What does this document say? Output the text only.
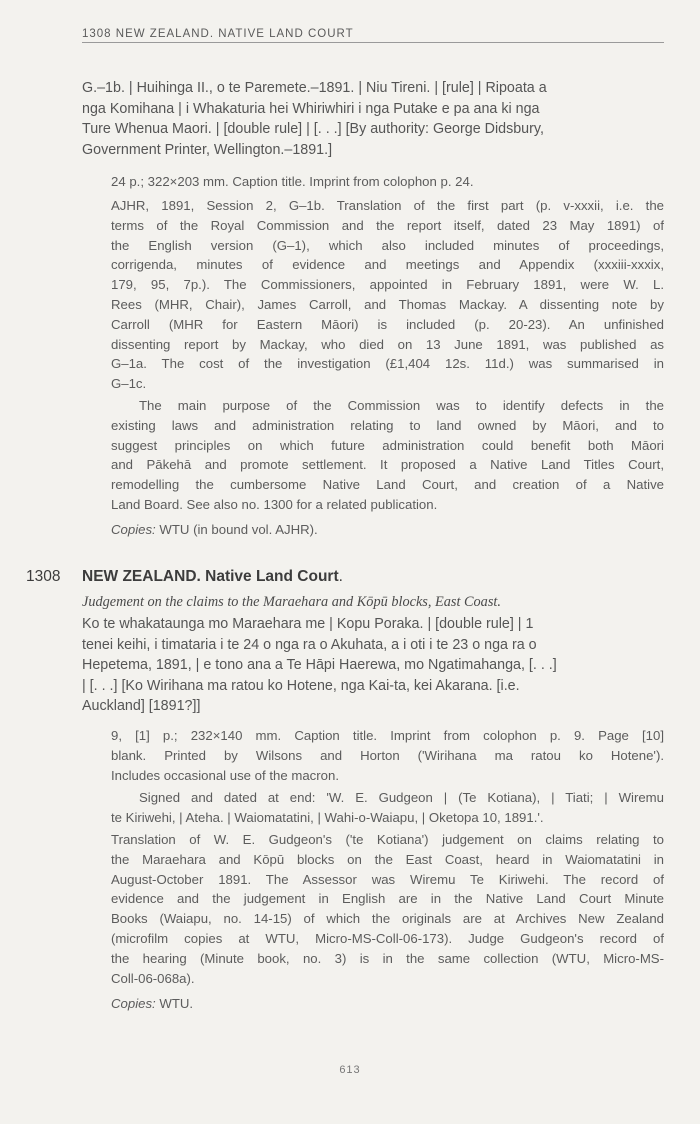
1308 NEW ZEALAND. NATIVE LAND COURT
G.–1b. | Huihinga II., o te Paremete.–1891. | Niu Tireni. | [rule] | Ripoata a
nga Komihana | i Whakaturia hei Whiriwhiri i nga Putake e pa ana ki nga
Ture Whenua Maori. | [double rule] | [. . .] [By authority: George Didsbury,
Government Printer, Wellington.–1891.]
24 p.; 322×203 mm. Caption title. Imprint from colophon p. 24.
AJHR, 1891, Session 2, G–1b. Translation of the first part (p. v-xxxii, i.e. the
terms of the Royal Commission and the report itself, dated 23 May 1891) of
the English version (G–1), which also included minutes of proceedings,
corrigenda, minutes of evidence and meetings and Appendix (xxxiii-xxxix,
179, 95, 7p.). The Commissioners, appointed in February 1891, were W. L.
Rees (MHR, Chair), James Carroll, and Thomas Mackay. A dissenting note by
Carroll (MHR for Eastern Māori) is included (p. 20-23). An unfinished
dissenting report by Mackay, who died on 13 June 1891, was published as
G–1a. The cost of the investigation (£1,404 12s. 11d.) was summarised in
G–1c.
The main purpose of the Commission was to identify defects in the
existing laws and administration relating to land owned by Māori, and to
suggest principles on which future administration could benefit both Māori
and Pākehā and promote settlement. It proposed a Native Land Titles Court,
remodelling the cumbersome Native Land Court, and creation of a Native
Land Board. See also no. 1300 for a related publication.
Copies: WTU (in bound vol. AJHR).
1308 NEW ZEALAND. Native Land Court.
Judgement on the claims to the Maraehara and Kōpū blocks, East Coast.
Ko te whakataunga mo Maraehara me | Kopu Poraka. | [double rule] | 1
tenei keihi, i timataria i te 24 o nga ra o Akuhata, a i oti i te 23 o nga ra o
Hepetema, 1891, | e tono ana a Te Hāpi Haerewa, mo Ngatimahanga, [. . .]
| [. . .] [Ko Wirihana ma ratou ko Hotene, nga Kai-ta, kei Akarana. [i.e.
Auckland] [1891?]]
9, [1] p.; 232×140 mm. Caption title. Imprint from colophon p. 9. Page [10]
blank. Printed by Wilsons and Horton ('Wirihana ma ratou ko Hotene').
Includes occasional use of the macron.
Signed and dated at end: 'W. E. Gudgeon | (Te Kotiana), | Tiati; | Wiremu
te Kiriwehi, | Ateha. | Waiomatatini, | Wahi-o-Waiapu, | Oketopa 10, 1891.'.
Translation of W. E. Gudgeon's ('te Kotiana') judgement on claims relating to
the Maraehara and Kōpū blocks on the East Coast, heard in Waiomatatini in
August-October 1891. The Assessor was Wiremu Te Kiriwehi. The record of
evidence and the judgement in English are in the Native Land Court Minute
Books (Waiapu, no. 14-15) of which the originals are at Archives New Zealand
(microfilm copies at WTU, Micro-MS-Coll-06-173). Judge Gudgeon's record of
the hearing (Minute book, no. 3) is in the same collection (WTU, Micro-MS-
Coll-06-068a).
Copies: WTU.
613
